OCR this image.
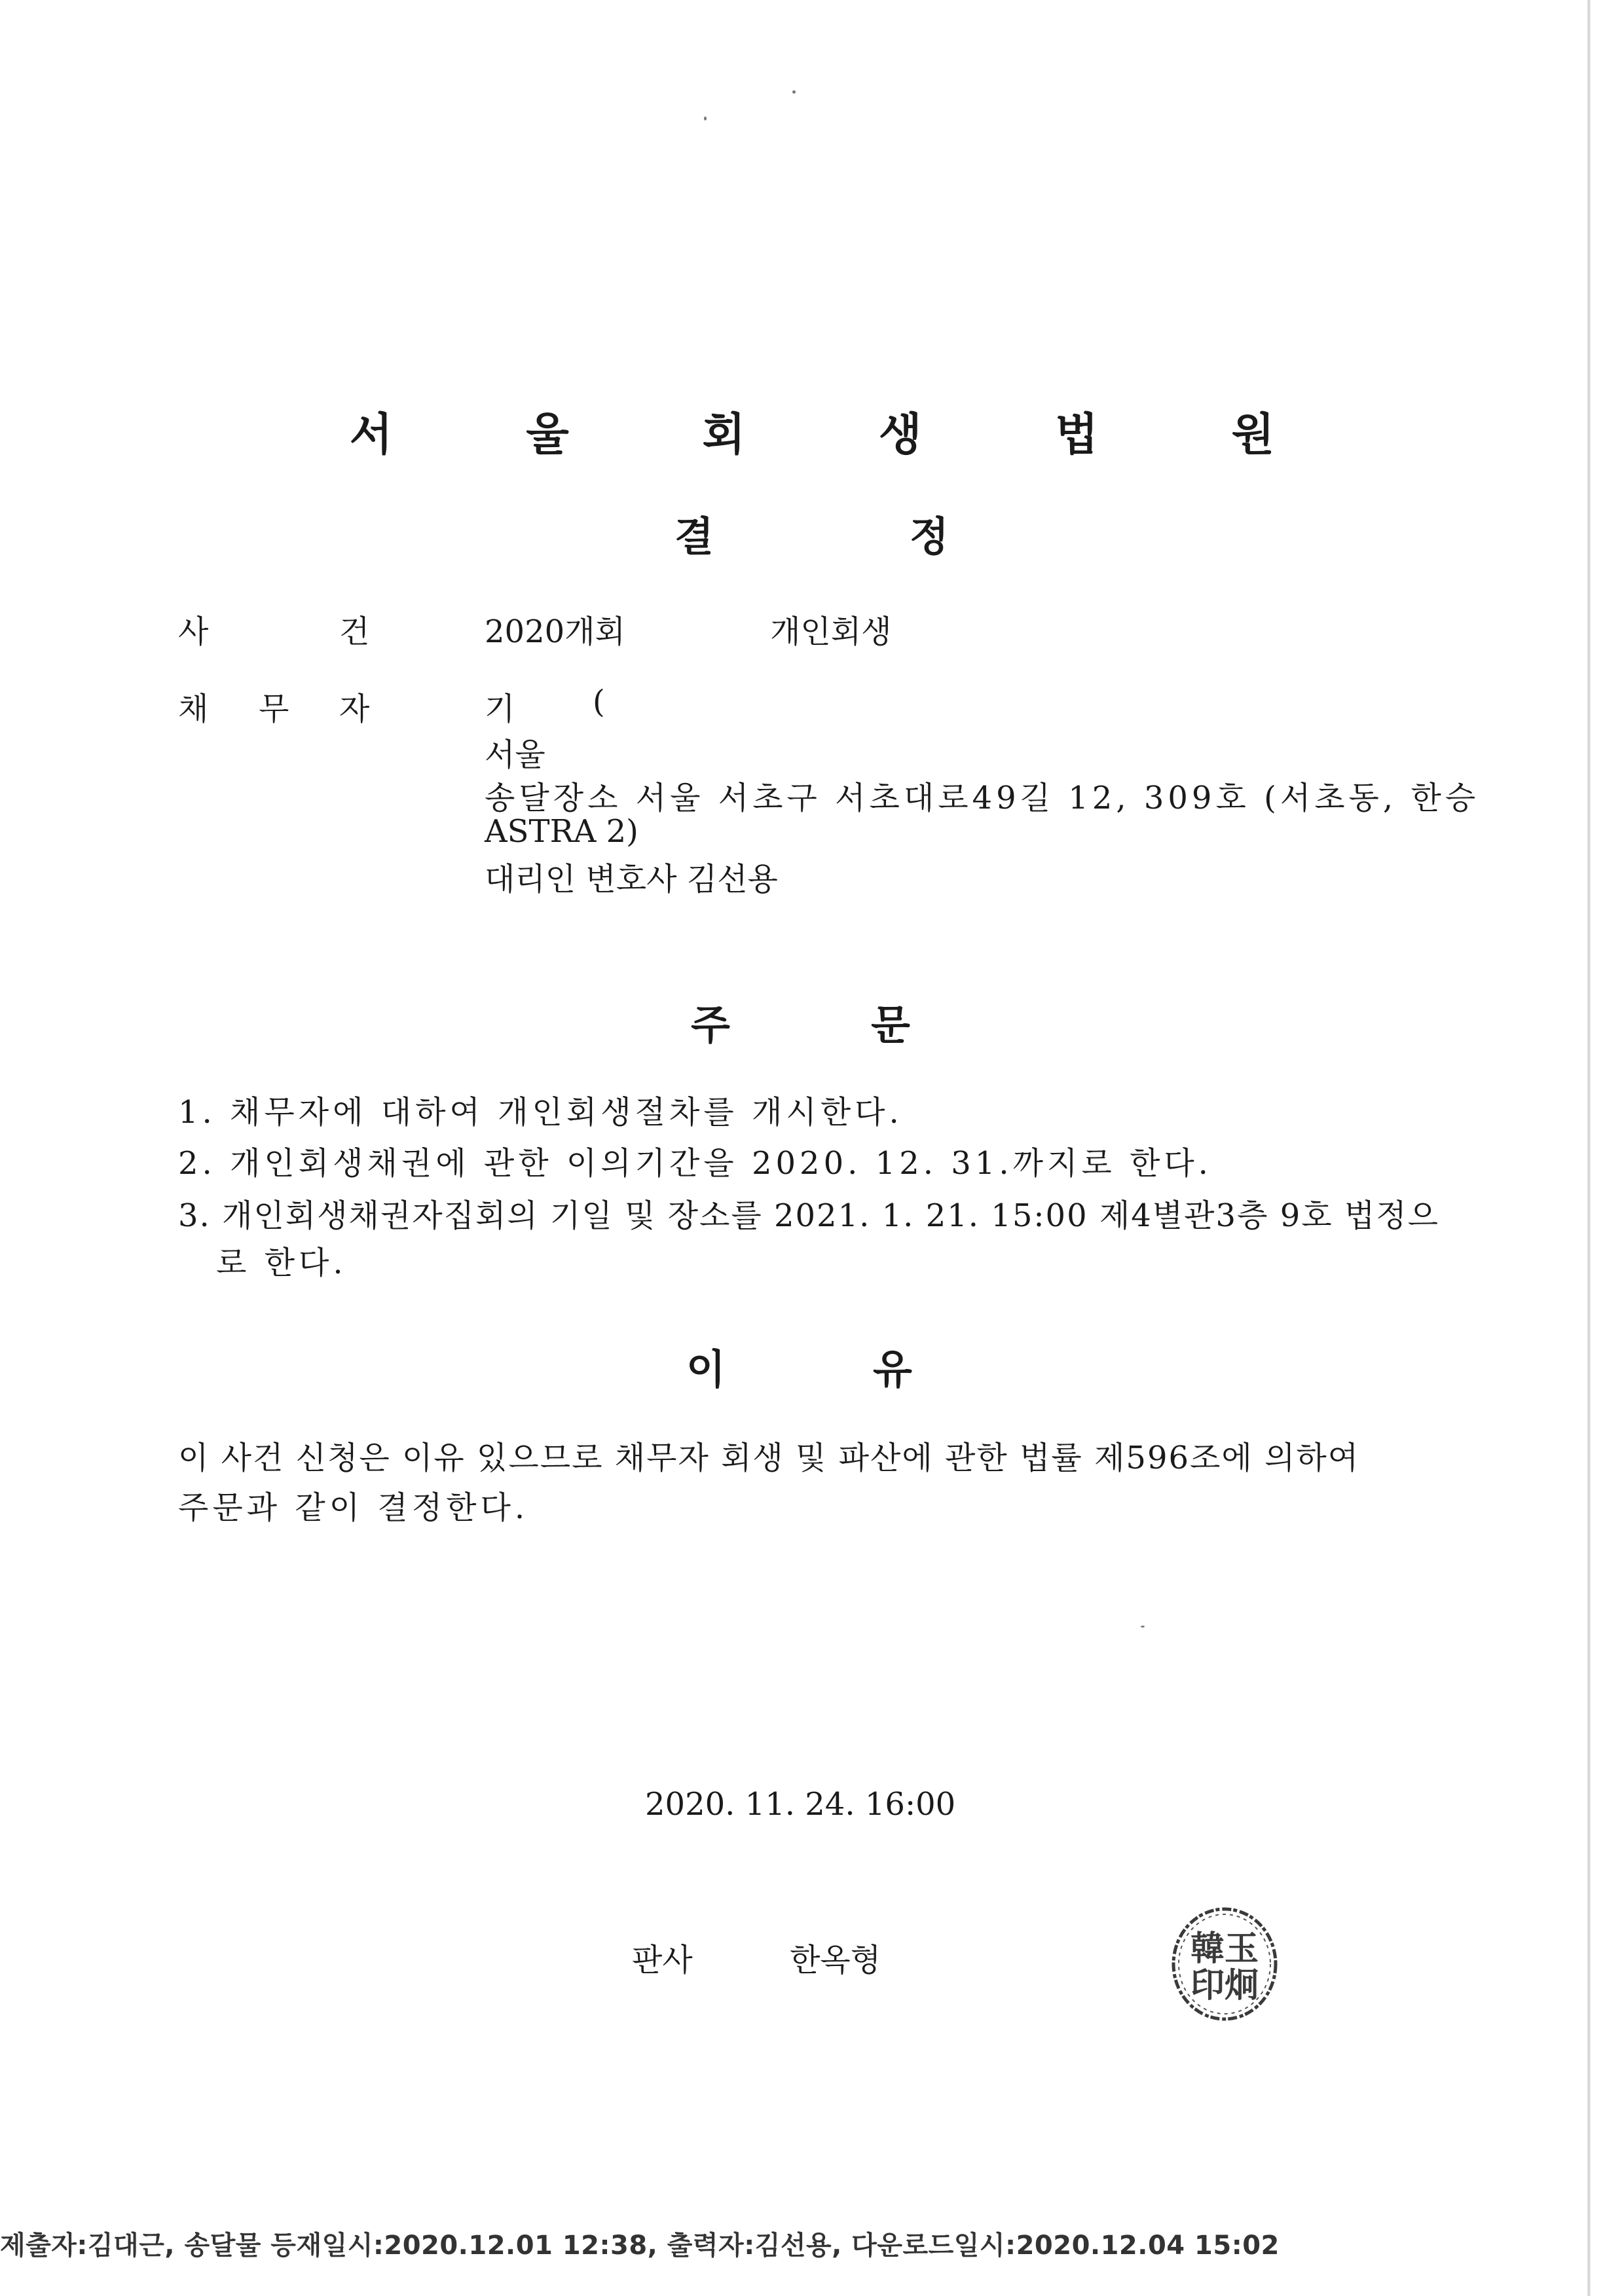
서 울 회 생 법 원
결	정
사	건	2020개회	개인회생
채 무 자	기 (
서울
송달장소 서울 서초구 서초대로49길 12, 309호 (서초동, 한승
ASTRA 2)
대리인 변호사 김선용
주	문
1. 채무자에 대하여 개인회생절차를 개시한다.
2. 개인회생채권에 관한 이의기간을 2020. 12. 31.까지로 한다.
3. 개인회생채권자집회의 기일 및 장소를 2021. 1. 21. 15:00 제4별관3층 9호 법정으
로 한다.
이	유
이 사건 신청은 이유 있으므로 채무자 회생 및 파산에 관한 법률 제596조에 의하여
주문과 같이 결정한다.
2020. 11. 24. 16:00
판사	한옥형	韓玉
印炯
제출자:김대근, 송달물 등재일시:2020.12.01 12:38, 출력자:김선용, 다운로드일시:2020.12.04 15:02
